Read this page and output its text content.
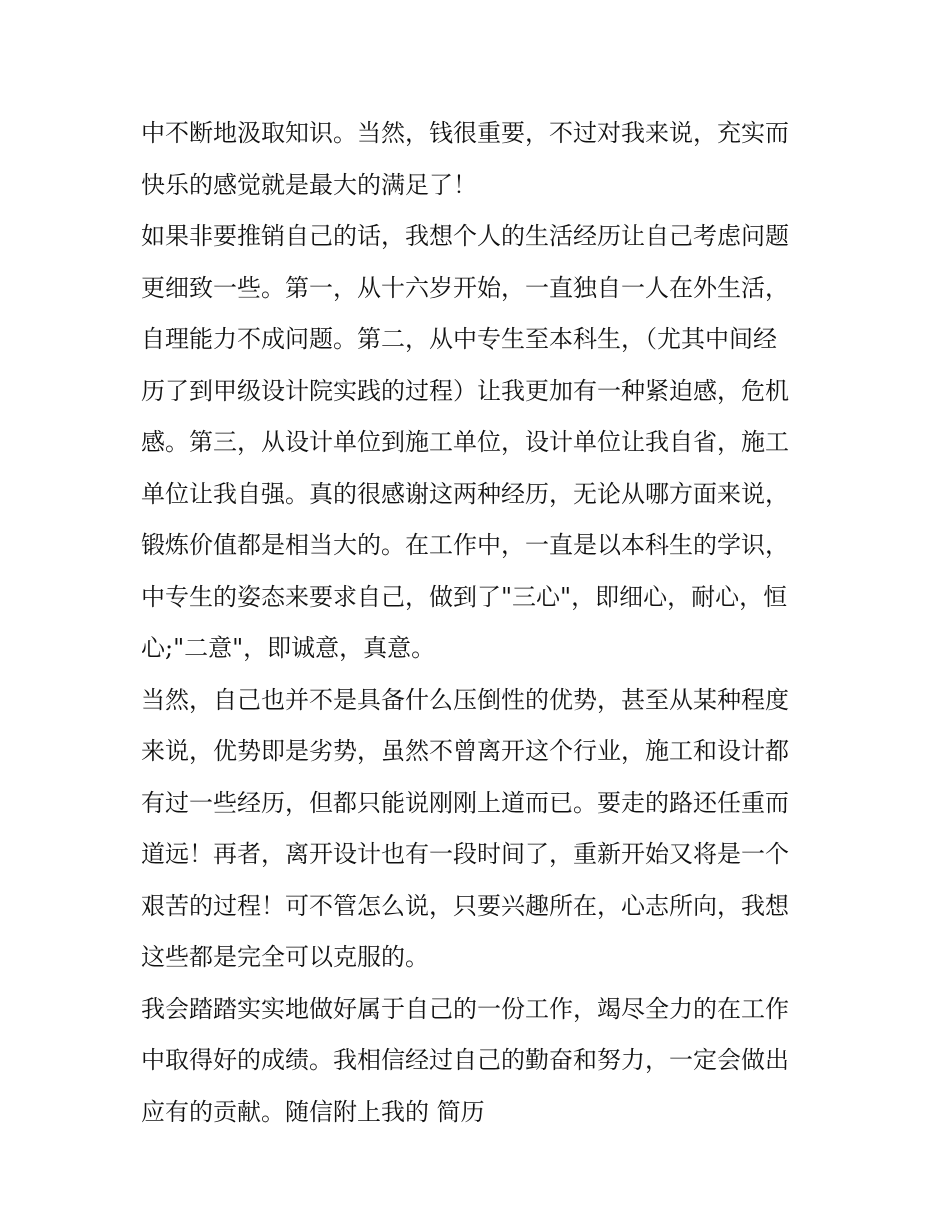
中不断地汲取知识。当然，钱很重要，不过对我来说，充实而
快乐的感觉就是最大的满足了！
如果非要推销自己的话，我想个人的生活经历让自己考虑问题
更细致一些。第一，从十六岁开始，一直独自一人在外生活，
自理能力不成问题。第二，从中专生至本科生，（尤其中间经
历了到甲级设计院实践的过程）让我更加有一种紧迫感，危机
感。第三，从设计单位到施工单位，设计单位让我自省，施工
单位让我自强。真的很感谢这两种经历，无论从哪方面来说，
锻炼价值都是相当大的。在工作中，一直是以本科生的学识，
中专生的姿态来要求自己，做到了"三心"，即细心，耐心，恒
心;"二意"，即诚意，真意。
当然，自己也并不是具备什么压倒性的优势，甚至从某种程度
来说，优势即是劣势，虽然不曾离开这个行业，施工和设计都
有过一些经历，但都只能说刚刚上道而已。要走的路还任重而
道远！再者，离开设计也有一段时间了，重新开始又将是一个
艰苦的过程！可不管怎么说，只要兴趣所在，心志所向，我想
这些都是完全可以克服的。
我会踏踏实实地做好属于自己的一份工作，竭尽全力的在工作
中取得好的成绩。我相信经过自己的勤奋和努力，一定会做出
应有的贡献。随信附上我的 简历
